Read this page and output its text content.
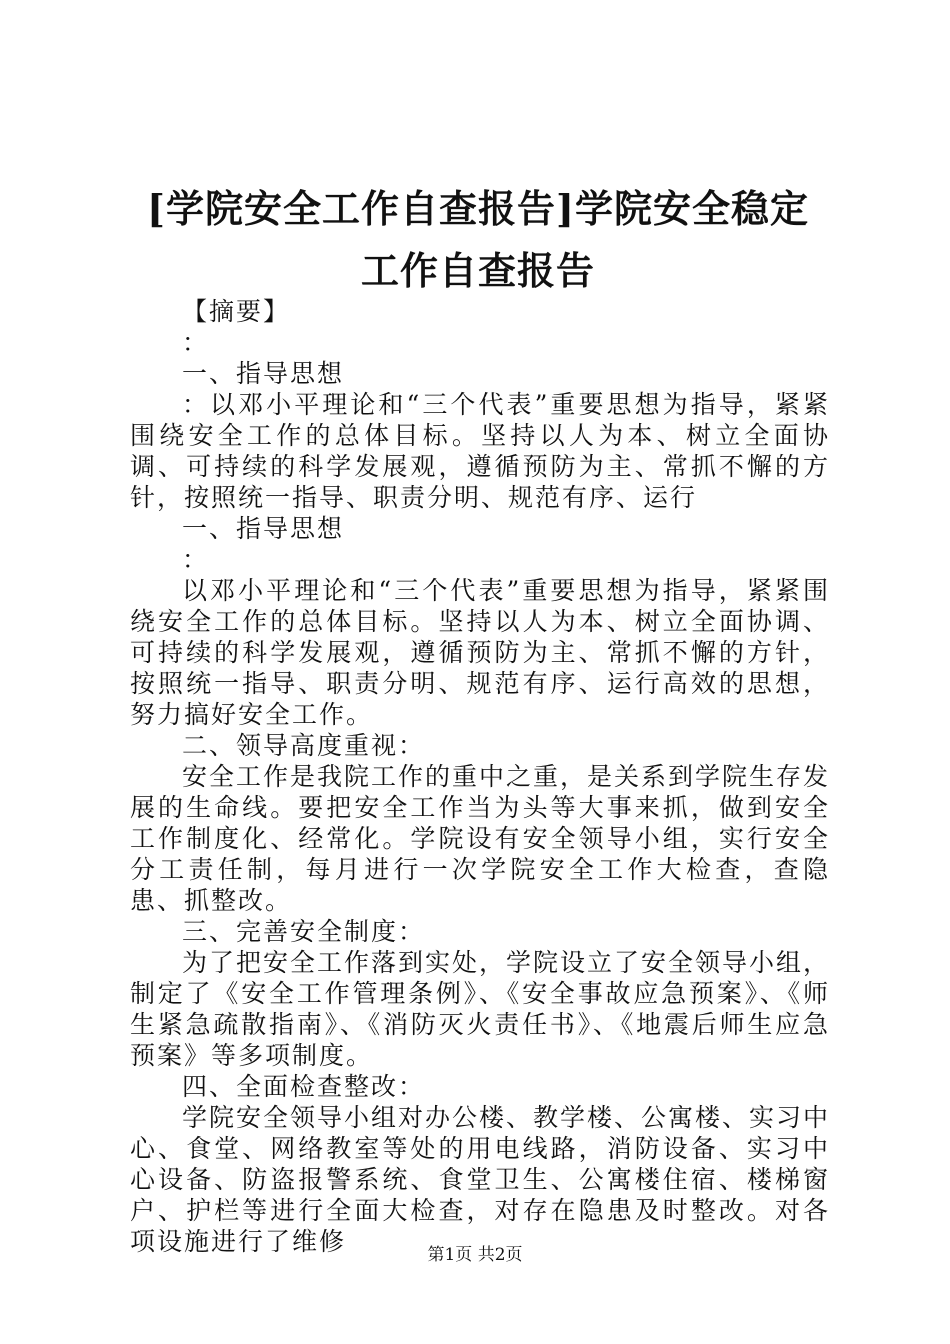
[学院安全工作自查报告]学院安全稳定工作自查报告

【摘要】

：

一、指导思想

：以邓小平理论和“三个代表”重要思想为指导，紧紧围绕安全工作的总体目标。坚持以人为本、树立全面协调、可持续的科学发展观，遵循预防为主、常抓不懈的方针，按照统一指导、职责分明、规范有序、运行

一、指导思想

：

以邓小平理论和“三个代表”重要思想为指导，紧紧围绕安全工作的总体目标。坚持以人为本、树立全面协调、可持续的科学发展观，遵循预防为主、常抓不懈的方针，按照统一指导、职责分明、规范有序、运行高效的思想，努力搞好安全工作。

二、领导高度重视：

安全工作是我院工作的重中之重，是关系到学院生存发展的生命线。要把安全工作当为头等大事来抓，做到安全工作制度化、经常化。学院设有安全领导小组，实行安全分工责任制，每月进行一次学院安全工作大检查，查隐患、抓整改。

三、完善安全制度：

为了把安全工作落到实处，学院设立了安全领导小组，制定了《安全工作管理条例》、《安全事故应急预案》、《师生紧急疏散指南》、《消防灭火责任书》、《地震后师生应急预案》等多项制度。

四、全面检查整改：

学院安全领导小组对办公楼、教学楼、公寓楼、实习中心、食堂、网络教室等处的用电线路，消防设备、实习中心设备、防盗报警系统、食堂卫生、公寓楼住宿、楼梯窗户、护栏等进行全面大检查，对存在隐患及时整改。对各项设施进行了维修	第1页 共2页
